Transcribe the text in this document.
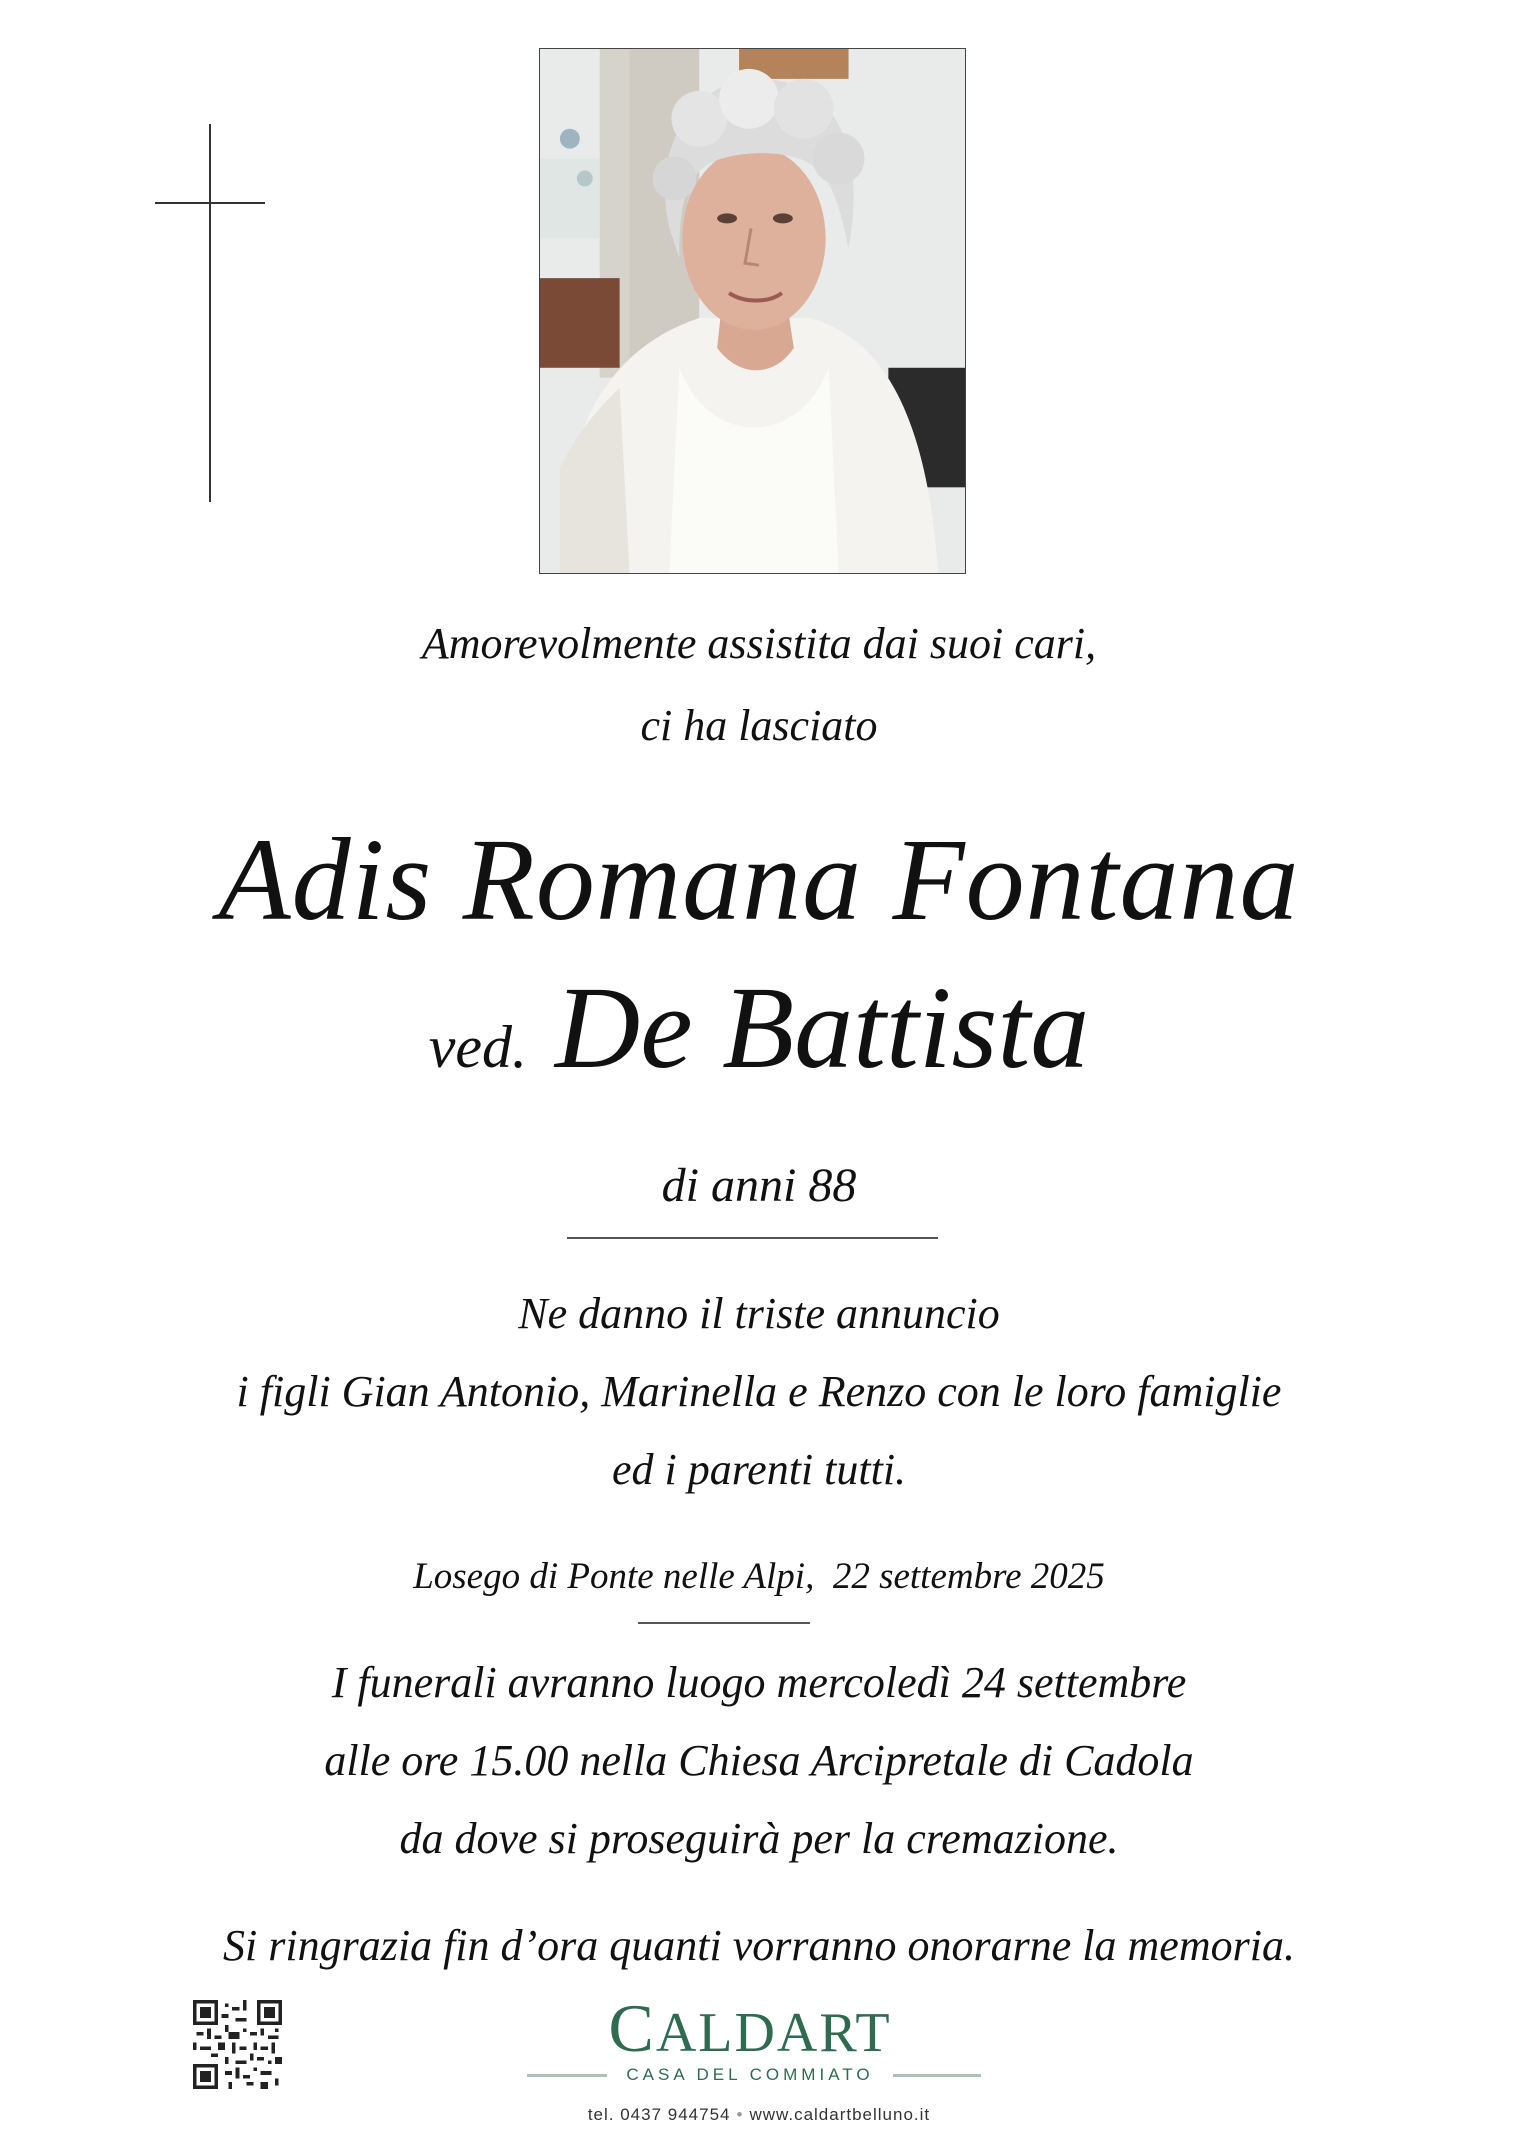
Amorevolmente assistita dai suoi cari,
ci ha lasciato
Adis Romana Fontana
ved. De Battista
di anni 88
Ne danno il triste annuncio
i figli Gian Antonio, Marinella e Renzo con le loro famiglie
ed i parenti tutti.
Losego di Ponte nelle Alpi,  22 settembre 2025
I funerali avranno luogo mercoledì 24 settembre
alle ore 15.00 nella Chiesa Arcipretale di Cadola
da dove si proseguirà per la cremazione.
Si ringrazia fin d’ora quanti vorranno onorarne la memoria.
CALDART
CASA DEL COMMIATO
tel. 0437 944754 • www.caldartbelluno.it
